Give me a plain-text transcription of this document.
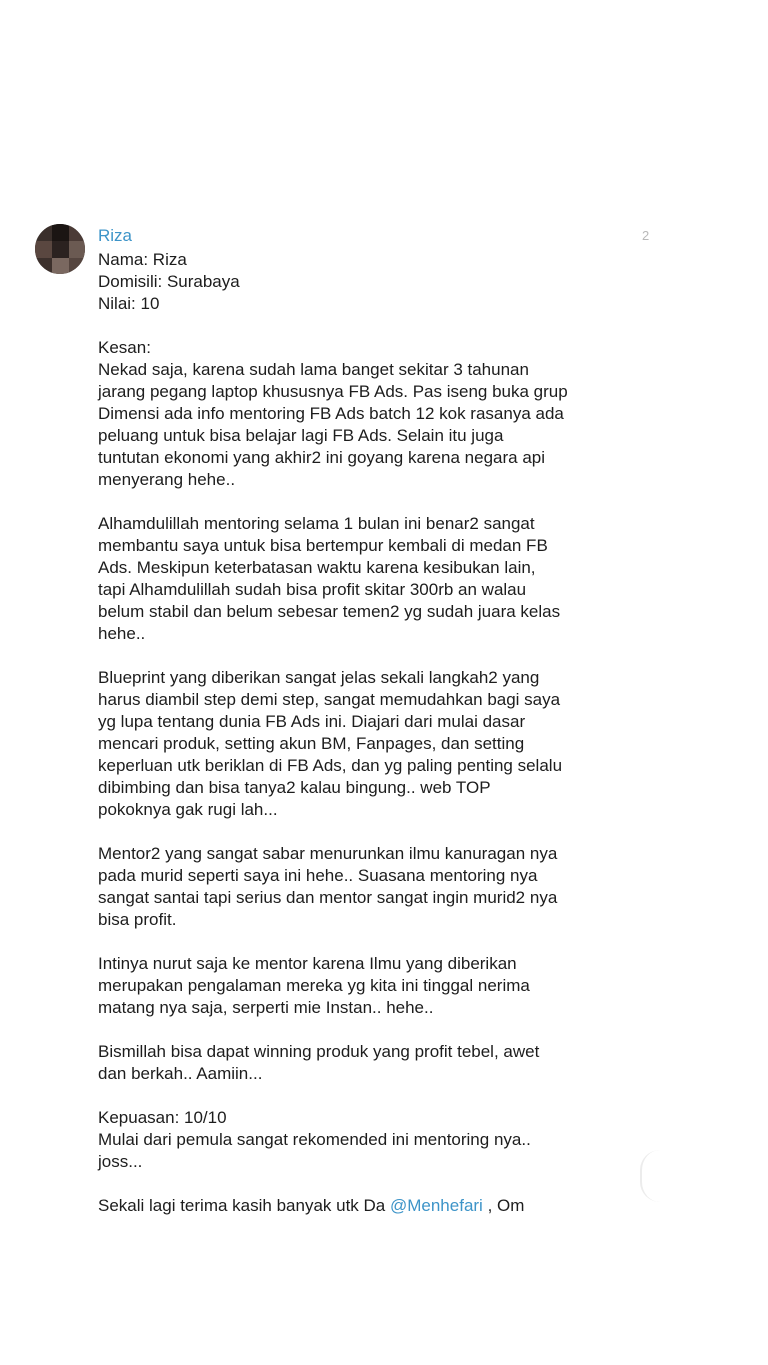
Riza
Nama: Riza
Domisili: Surabaya
Nilai: 10
Kesan:
Nekad saja, karena sudah lama banget sekitar 3 tahunan
jarang pegang laptop khususnya FB Ads. Pas iseng buka grup
Dimensi ada info mentoring FB Ads batch 12 kok rasanya ada
peluang untuk bisa belajar lagi FB Ads. Selain itu juga
tuntutan ekonomi yang akhir2 ini goyang karena negara api
menyerang hehe..
Alhamdulillah mentoring selama 1 bulan ini benar2 sangat
membantu saya untuk bisa bertempur kembali di medan FB
Ads. Meskipun keterbatasan waktu karena kesibukan lain,
tapi Alhamdulillah sudah bisa profit skitar 300rb an walau
belum stabil dan belum sebesar temen2 yg sudah juara kelas
hehe..
Blueprint yang diberikan sangat jelas sekali langkah2 yang
harus diambil step demi step, sangat memudahkan bagi saya
yg lupa tentang dunia FB Ads ini. Diajari dari mulai dasar
mencari produk, setting akun BM, Fanpages, dan setting
keperluan utk beriklan di FB Ads, dan yg paling penting selalu
dibimbing dan bisa tanya2 kalau bingung.. web TOP
pokoknya gak rugi lah...
Mentor2 yang sangat sabar menurunkan ilmu kanuragan nya
pada murid seperti saya ini hehe.. Suasana mentoring nya
sangat santai tapi serius dan mentor sangat ingin murid2 nya
bisa profit.
Intinya nurut saja ke mentor karena Ilmu yang diberikan
merupakan pengalaman mereka yg kita ini tinggal nerima
matang nya saja, serperti mie Instan.. hehe..
Bismillah bisa dapat winning produk yang profit tebel, awet
dan berkah.. Aamiin...
Kepuasan: 10/10
Mulai dari pemula sangat rekomended ini mentoring nya..
joss...
Sekali lagi terima kasih banyak utk Da @Menhefari , Om
2
